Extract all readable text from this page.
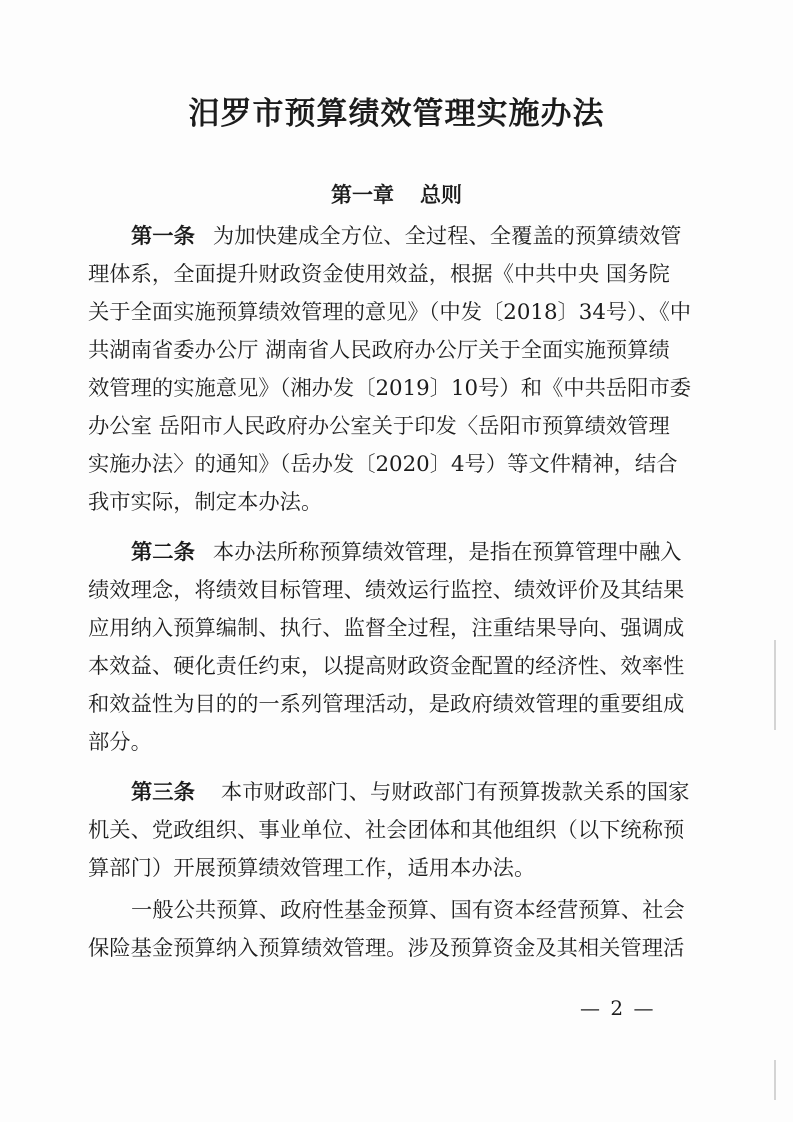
汨罗市预算绩效管理实施办法
第一章 总则
第一条 为加快建成全方位、全过程、全覆盖的预算绩效管
理体系，全面提升财政资金使用效益，根据《中共中央 国务院
关于全面实施预算绩效管理的意见》（中发〔2018〕34号）、《中
共湖南省委办公厅 湖南省人民政府办公厅关于全面实施预算绩
效管理的实施意见》（湘办发〔2019〕10号）和《中共岳阳市委
办公室 岳阳市人民政府办公室关于印发〈岳阳市预算绩效管理
实施办法〉的通知》（岳办发〔2020〕4号）等文件精神，结合
我市实际，制定本办法。
第二条 本办法所称预算绩效管理，是指在预算管理中融入
绩效理念，将绩效目标管理、绩效运行监控、绩效评价及其结果
应用纳入预算编制、执行、监督全过程，注重结果导向、强调成
本效益、硬化责任约束，以提高财政资金配置的经济性、效率性
和效益性为目的的一系列管理活动，是政府绩效管理的重要组成
部分。
第三条 本市财政部门、与财政部门有预算拨款关系的国家
机关、党政组织、事业单位、社会团体和其他组织（以下统称预
算部门）开展预算绩效管理工作，适用本办法。
一般公共预算、政府性基金预算、国有资本经营预算、社会
保险基金预算纳入预算绩效管理。涉及预算资金及其相关管理活
— 2 —
